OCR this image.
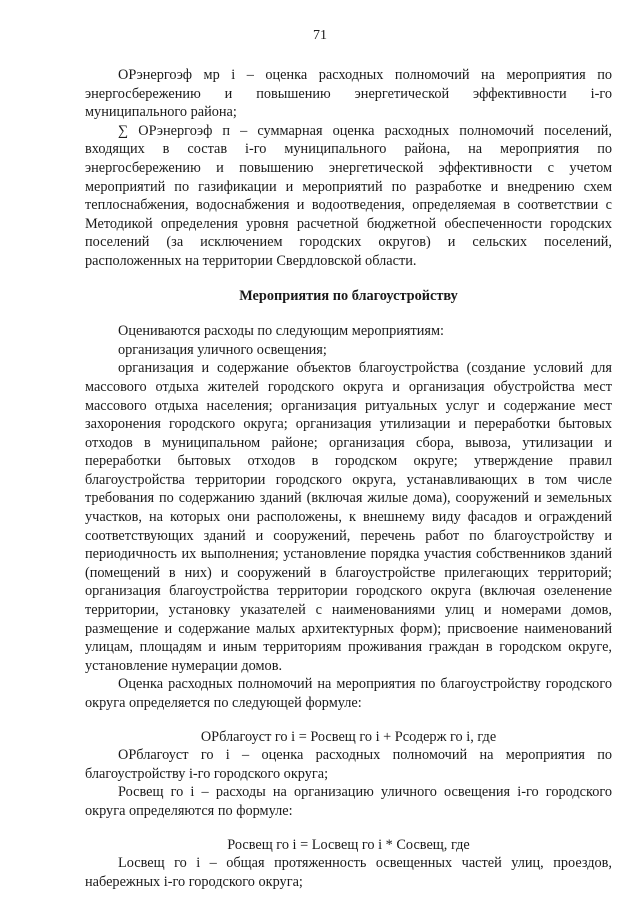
71

ОРэнергоэф мр i – оценка расходных полномочий на мероприятия по энергосбережению и повышению энергетической эффективности i-го муниципального района;

∑ ОРэнергоэф п – суммарная оценка расходных полномочий поселений, входящих в состав i-го муниципального района, на мероприятия по энергосбережению и повышению энергетической эффективности с учетом мероприятий по газификации и мероприятий по разработке и внедрению схем теплоснабжения, водоснабжения и водоотведения, определяемая в соответствии с Методикой определения уровня расчетной бюджетной обеспеченности городских поселений (за исключением городских округов) и сельских поселений, расположенных на территории Свердловской области.

Мероприятия по благоустройству

Оцениваются расходы по следующим мероприятиям:

организация уличного освещения;

организация и содержание объектов благоустройства (создание условий для массового отдыха жителей городского округа и организация обустройства мест массового отдыха населения; организация ритуальных услуг и содержание мест захоронения городского округа; организация утилизации и переработки бытовых отходов в муниципальном районе; организация сбора, вывоза, утилизации и переработки бытовых отходов в городском округе; утверждение правил благоустройства территории городского округа, устанавливающих в том числе требования по содержанию зданий (включая жилые дома), сооружений и земельных участков, на которых они расположены, к внешнему виду фасадов и ограждений соответствующих зданий и сооружений, перечень работ по благоустройству и периодичность их выполнения; установление порядка участия собственников зданий (помещений в них) и сооружений в благоустройстве прилегающих территорий; организация благоустройства территории городского округа (включая озеленение территории, установку указателей с наименованиями улиц и номерами домов, размещение и содержание малых архитектурных форм); присвоение наименований улицам, площадям и иным территориям проживания граждан в городском округе, установление нумерации домов.

Оценка расходных полномочий на мероприятия по благоустройству городского округа определяется по следующей формуле:

ОРблагоуст го i = Росвещ го i + Рсодерж го i, где

ОРблагоуст го i – оценка расходных полномочий на мероприятия по благоустройству i-го городского округа;

Росвещ го i – расходы на организацию уличного освещения i-го городского округа определяются по формуле:

Росвещ го i = Lосвещ го i * Cосвещ, где

Lосвещ го i – общая протяженность освещенных частей улиц, проездов, набережных i-го городского округа;
